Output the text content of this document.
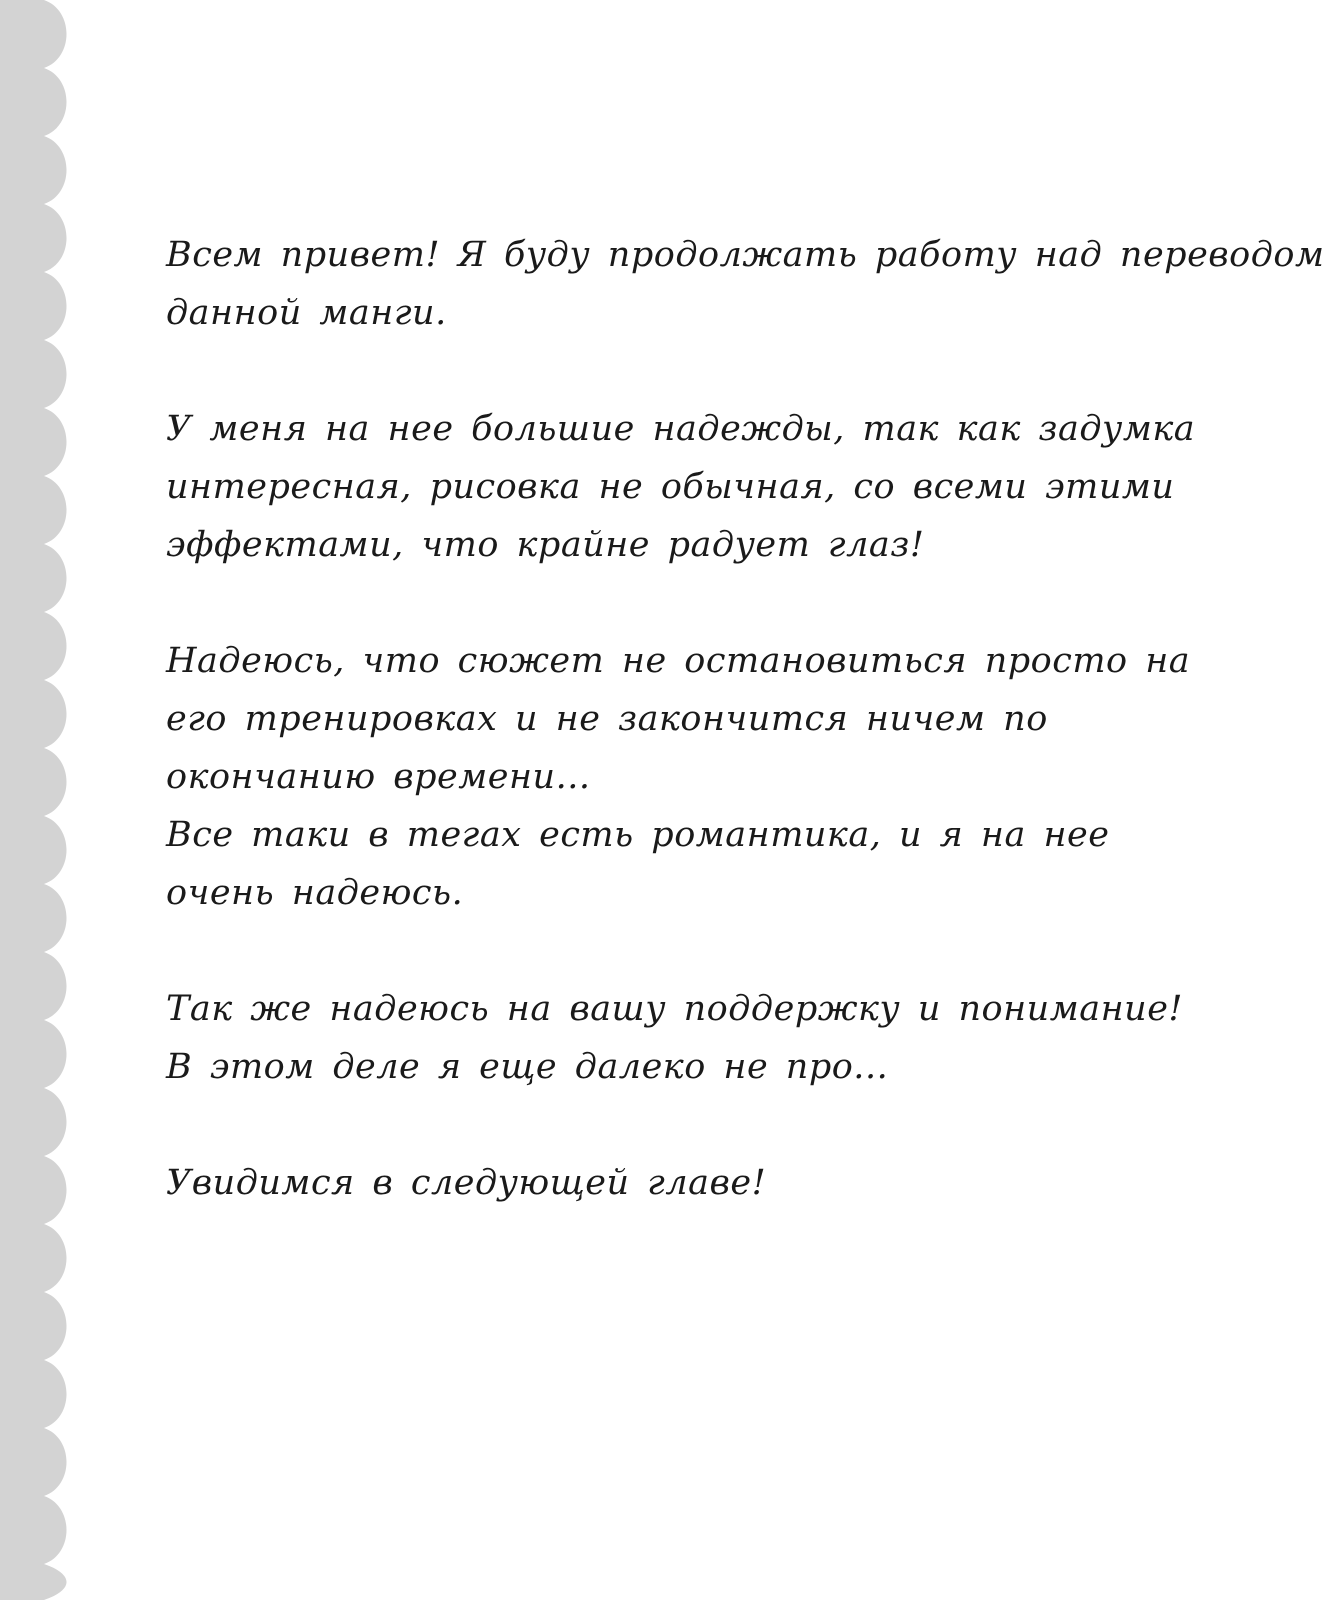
Всем привет! Я буду продолжать работу над переводом
данной манги.

У меня на нее большие надежды, так как задумка
интересная, рисовка не обычная, со всеми этими
эффектами, что крайне радует глаз!

Надеюсь, что сюжет не остановиться просто на
его тренировках и не закончится ничем по
окончанию времени...
Все таки в тегах есть романтика, и я на нее
очень надеюсь.

Так же надеюсь на вашу поддержку и понимание!
В этом деле я еще далеко не про...

Увидимся в следующей главе!
